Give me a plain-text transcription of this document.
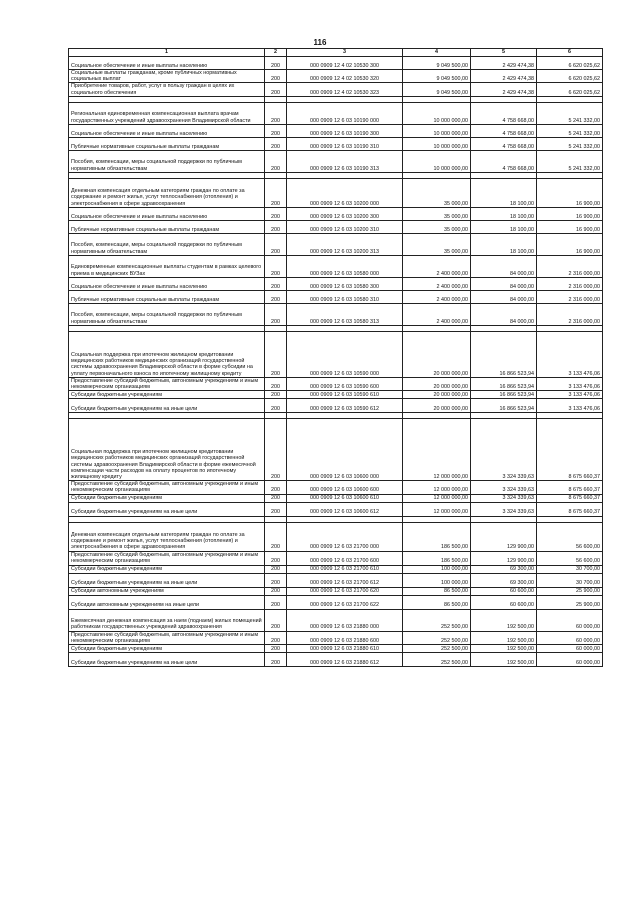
116
1	2	3	4	5	6
Социальное обеспечение и иные выплаты населению	200	000 0909 12 4 02 10530 300	9 049 500,00	2 429 474,38	6 620 025,62
Социальные выплаты гражданам, кроме публичных нормативных социальных выплат	200	000 0909 12 4 02 10530 320	9 049 500,00	2 429 474,38	6 620 025,62
Приобретение товаров, работ, услуг в пользу граждан в целях их социального обеспечения	200	000 0909 12 4 02 10530 323	9 049 500,00	2 429 474,38	6 620 025,62

Региональная единовременная компенсационная выплата врачам государственных учреждений здравоохранения Владимирской области	200	000 0909 12 6 03 10190 000	10 000 000,00	4 758 668,00	5 241 332,00
Социальное обеспечение и иные выплаты населению	200	000 0909 12 6 03 10190 300	10 000 000,00	4 758 668,00	5 241 332,00
Публичные нормативные социальные выплаты гражданам	200	000 0909 12 6 03 10190 310	10 000 000,00	4 758 668,00	5 241 332,00
Пособия, компенсации, меры социальной поддержки по публичным нормативным обязательствам	200	000 0909 12 6 03 10190 313	10 000 000,00	4 758 668,00	5 241 332,00

Денежная компенсация отдельным категориям граждан по оплате за содержание и ремонт жилья, услуг теплоснабжения (отопления) и электроснабжения в сфере здравоохранения	200	000 0909 12 6 03 10200 000	35 000,00	18 100,00	16 900,00
Социальное обеспечение и иные выплаты населению	200	000 0909 12 6 03 10200 300	35 000,00	18 100,00	16 900,00
Публичные нормативные социальные выплаты гражданам	200	000 0909 12 6 03 10200 310	35 000,00	18 100,00	16 900,00
Пособия, компенсации, меры социальной поддержки по публичным нормативным обязательствам	200	000 0909 12 6 03 10200 313	35 000,00	18 100,00	16 900,00
Единовременные компенсационные выплаты студентам в рамках целевого приема в медицинских ВУЗах	200	000 0909 12 6 03 10580 000	2 400 000,00	84 000,00	2 316 000,00
Социальное обеспечение и иные выплаты населению	200	000 0909 12 6 03 10580 300	2 400 000,00	84 000,00	2 316 000,00
Публичные нормативные социальные выплаты гражданам	200	000 0909 12 6 03 10580 310	2 400 000,00	84 000,00	2 316 000,00
Пособия, компенсации, меры социальной поддержки по публичным нормативным обязательствам	200	000 0909 12 6 03 10580 313	2 400 000,00	84 000,00	2 316 000,00

Социальная поддержка при ипотечном жилищном кредитовании медицинских работников медицинских организаций государственной системы здравоохранения Владимирской области в форме субсидии на уплату первоначального взноса по ипотечному жилищному кредиту	200	000 0909 12 6 03 10590 000	20 000 000,00	16 866 523,94	3 133 476,06
Предоставление субсидий бюджетным, автономным учреждениям и иным некоммерческим организациям	200	000 0909 12 6 03 10590 600	20 000 000,00	16 866 523,94	3 133 476,06
Субсидии бюджетным учреждениям	200	000 0909 12 6 03 10590 610	20 000 000,00	16 866 523,94	3 133 476,06
Субсидии бюджетным учреждениям на иные цели	200	000 0909 12 6 03 10590 612	20 000 000,00	16 866 523,94	3 133 476,06

Социальная поддержка при ипотечном жилищном кредитовании медицинских работников медицинских организаций государственной системы здравоохранения Владимирской области в форме ежемесячной компенсации части расходов на оплату процентов по ипотечному жилищному кредиту	200	000 0909 12 6 03 10600 000	12 000 000,00	3 324 339,63	8 675 660,37
Предоставление субсидий бюджетным, автономным учреждениям и иным некоммерческим организациям	200	000 0909 12 6 03 10600 600	12 000 000,00	3 324 339,63	8 675 660,37
Субсидии бюджетным учреждениям	200	000 0909 12 6 03 10600 610	12 000 000,00	3 324 339,63	8 675 660,37
Субсидии бюджетным учреждениям на иные цели	200	000 0909 12 6 03 10600 612	12 000 000,00	3 324 339,63	8 675 660,37

Денежная компенсация отдельным категориям граждан по оплате за содержание и ремонт жилья, услуг теплоснабжения (отопления) и электроснабжения в сфере здравоохранения	200	000 0909 12 6 03 21700 000	186 500,00	129 900,00	56 600,00
Предоставление субсидий бюджетным, автономным учреждениям и иным некоммерческим организациям	200	000 0909 12 6 03 21700 600	186 500,00	129 900,00	56 600,00
Субсидии бюджетным учреждениям	200	000 0909 12 6 03 21700 610	100 000,00	69 300,00	30 700,00
Субсидии бюджетным учреждениям на иные цели	200	000 0909 12 6 03 21700 612	100 000,00	69 300,00	30 700,00
Субсидии автономным учреждениям	200	000 0909 12 6 03 21700 620	86 500,00	60 600,00	25 900,00
Субсидии автономным учреждениям на иные цели	200	000 0909 12 6 03 21700 622	86 500,00	60 600,00	25 900,00
Ежемесячная денежная компенсация за наем (поднаем) жилых помещений работникам государственных учреждений здравоохранения	200	000 0909 12 6 03 21880 000	252 500,00	192 500,00	60 000,00
Предоставление субсидий бюджетным, автономным учреждениям и иным некоммерческим организациям	200	000 0909 12 6 03 21880 600	252 500,00	192 500,00	60 000,00
Субсидии бюджетным учреждениям	200	000 0909 12 6 03 21880 610	252 500,00	192 500,00	60 000,00
Субсидии бюджетным учреждениям на иные цели	200	000 0909 12 6 03 21880 612	252 500,00	192 500,00	60 000,00
